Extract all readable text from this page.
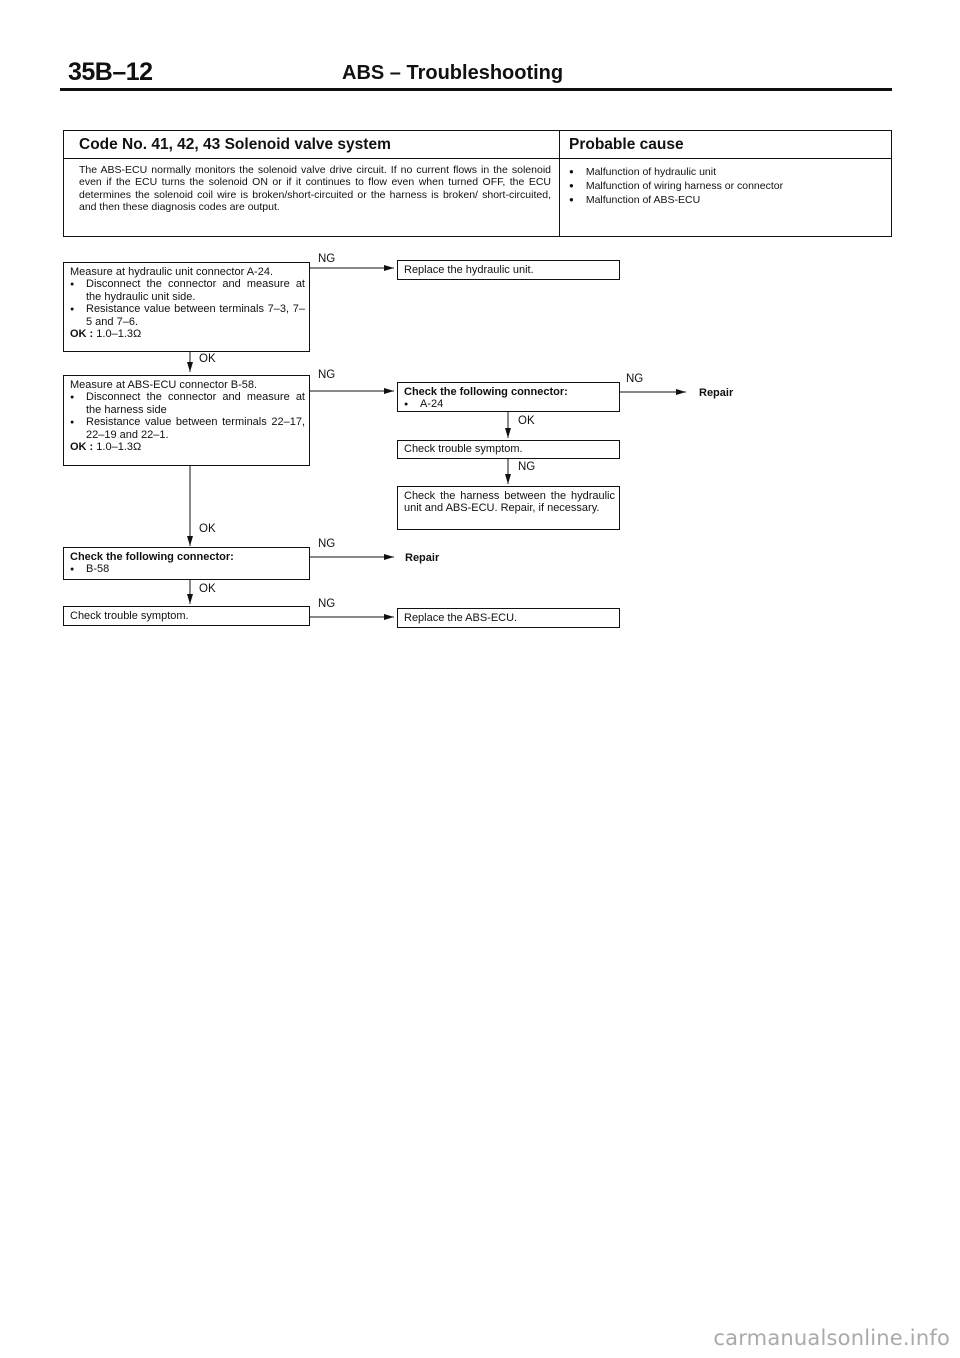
35B–12	ABS – Troubleshooting
Code No. 41, 42, 43 Solenoid valve system	Probable cause
The ABS-ECU normally monitors the solenoid valve drive circuit. If no current flows in the solenoid even if the ECU turns the solenoid ON or if it continues to flow even when turned OFF, the ECU determines the solenoid coil wire is broken/short-circuited or the harness is broken/ short-circuited, and then these diagnosis codes are output.
● Malfunction of hydraulic unit
● Malfunction of wiring harness or connector
● Malfunction of ABS-ECU
Measure at hydraulic unit connector A-24.
● Disconnect the connector and measure at the hydraulic unit side.
● Resistance value between terminals 7–3, 7–5 and 7–6.
OK : 1.0–1.3Ω
NG
Replace the hydraulic unit.
OK
Measure at ABS-ECU connector B-58.
● Disconnect the connector and measure at the harness side
● Resistance value between terminals 22–17, 22–19 and 22–1.
OK : 1.0–1.3Ω
NG
Check the following connector:
● A-24
NG
Repair
OK
Check trouble symptom.
NG
Check the harness between the hydraulic unit and ABS-ECU. Repair, if necessary.
OK
Check the following connector:
● B-58
NG
Repair
OK
Check trouble symptom.
NG
Replace the ABS-ECU.
carmanualsonline.info
